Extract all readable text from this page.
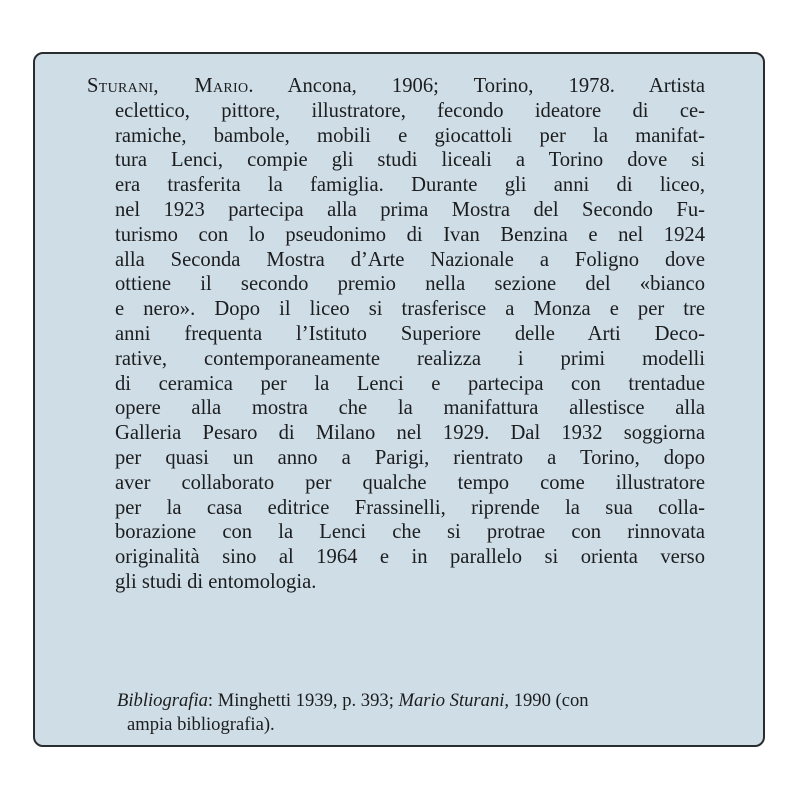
Sturani, Mario. Ancona, 1906; Torino, 1978. Artista
eclettico, pittore, illustratore, fecondo ideatore di ce-
ramiche, bambole, mobili e giocattoli per la manifat-
tura Lenci, compie gli studi liceali a Torino dove si
era trasferita la famiglia. Durante gli anni di liceo,
nel 1923 partecipa alla prima Mostra del Secondo Fu-
turismo con lo pseudonimo di Ivan Benzina e nel 1924
alla Seconda Mostra d’Arte Nazionale a Foligno dove
ottiene il secondo premio nella sezione del «bianco
e nero». Dopo il liceo si trasferisce a Monza e per tre
anni frequenta l’Istituto Superiore delle Arti Deco-
rative, contemporaneamente realizza i primi modelli
di ceramica per la Lenci e partecipa con trentadue
opere alla mostra che la manifattura allestisce alla
Galleria Pesaro di Milano nel 1929. Dal 1932 soggiorna
per quasi un anno a Parigi, rientrato a Torino, dopo
aver collaborato per qualche tempo come illustratore
per la casa editrice Frassinelli, riprende la sua colla-
borazione con la Lenci che si protrae con rinnovata
originalità sino al 1964 e in parallelo si orienta verso
gli studi di entomologia.
Bibliografia: Minghetti 1939, p. 393; Mario Sturani, 1990 (con
ampia bibliografia).
